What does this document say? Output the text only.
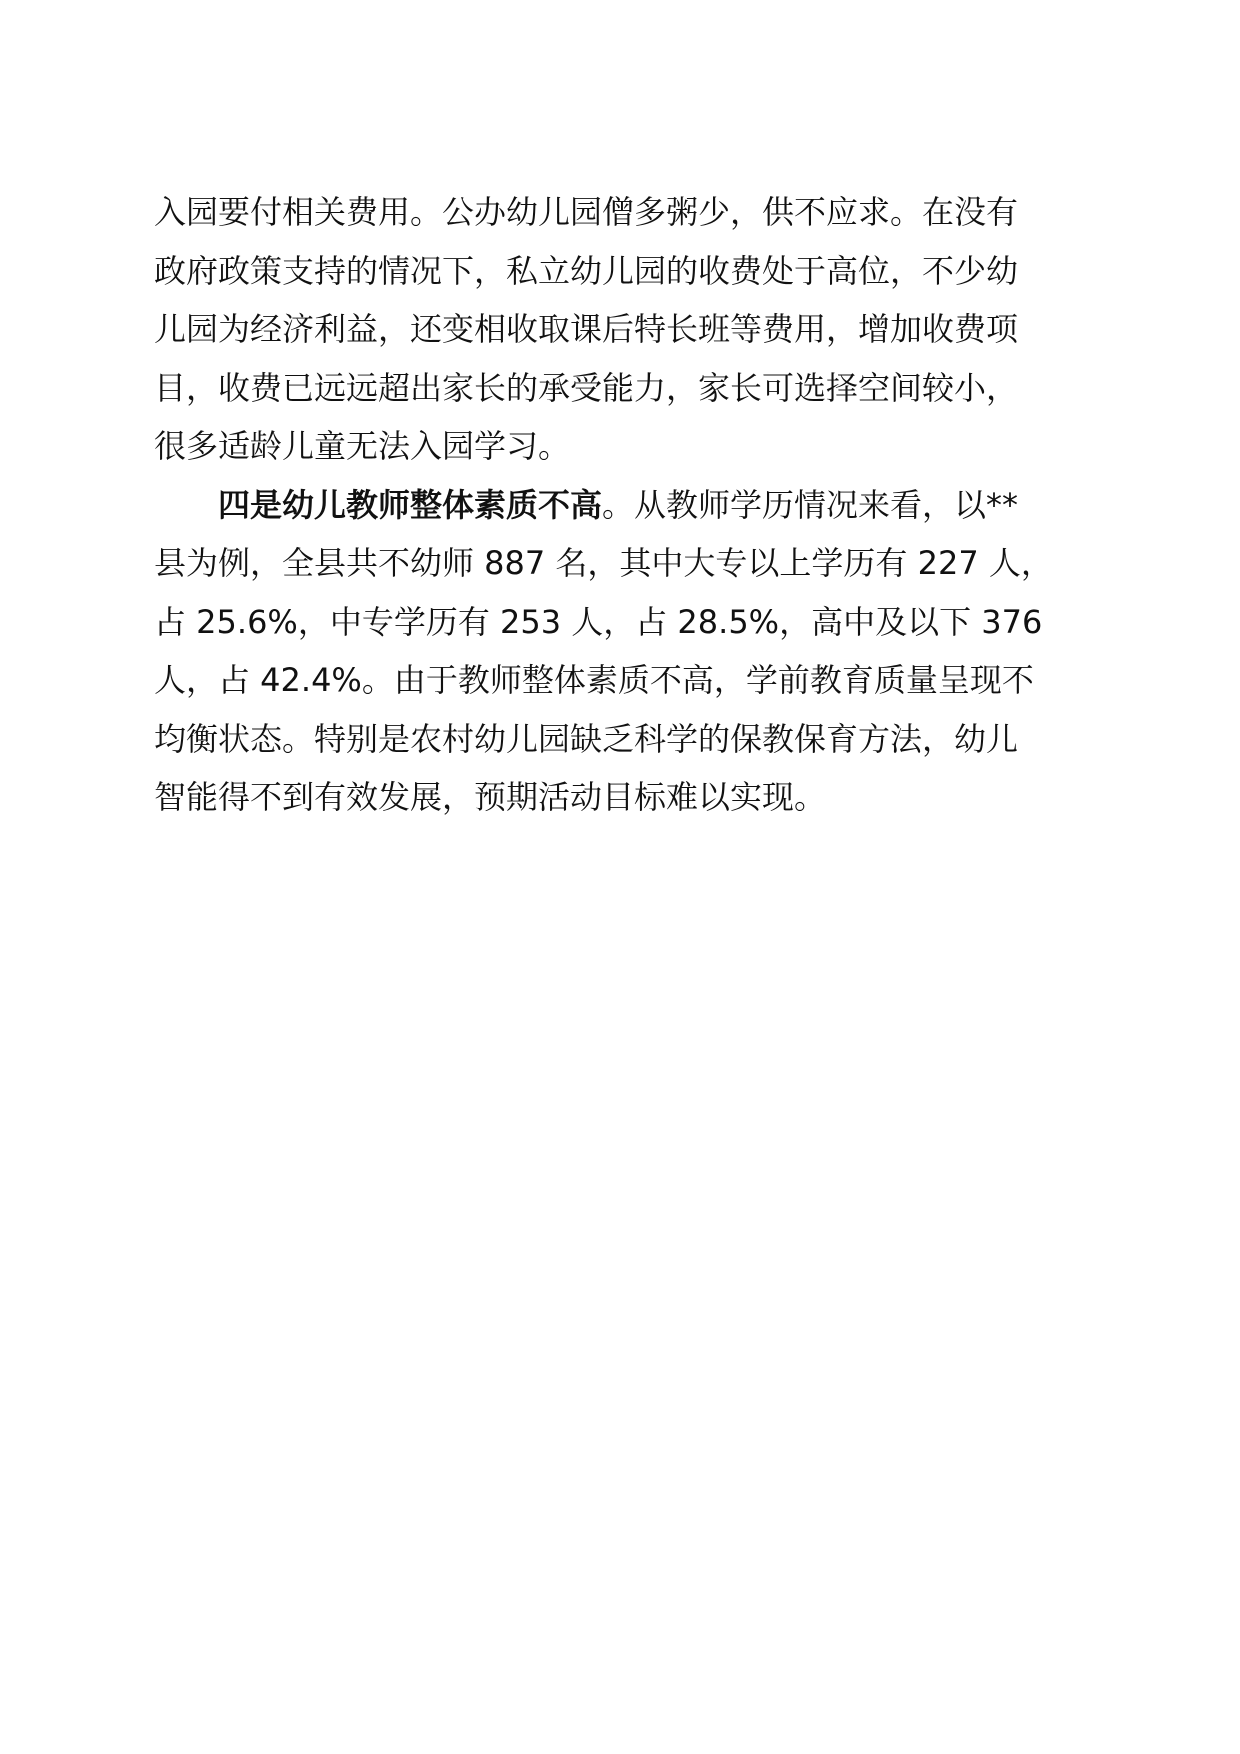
入园要付相关费用。公办幼儿园僧多粥少，供不应求。在没有
政府政策支持的情况下，私立幼儿园的收费处于高位，不少幼
儿园为经济利益，还变相收取课后特长班等费用，增加收费项
目，收费已远远超出家长的承受能力，家长可选择空间较小，
很多适龄儿童无法入园学习。
四是幼儿教师整体素质不高。从教师学历情况来看，以**
县为例，全县共不幼师 887 名，其中大专以上学历有 227 人，
占 25.6%，中专学历有 253 人，占 28.5%，高中及以下 376
人，占 42.4%。由于教师整体素质不高，学前教育质量呈现不
均衡状态。特别是农村幼儿园缺乏科学的保教保育方法，幼儿
智能得不到有效发展，预期活动目标难以实现。
